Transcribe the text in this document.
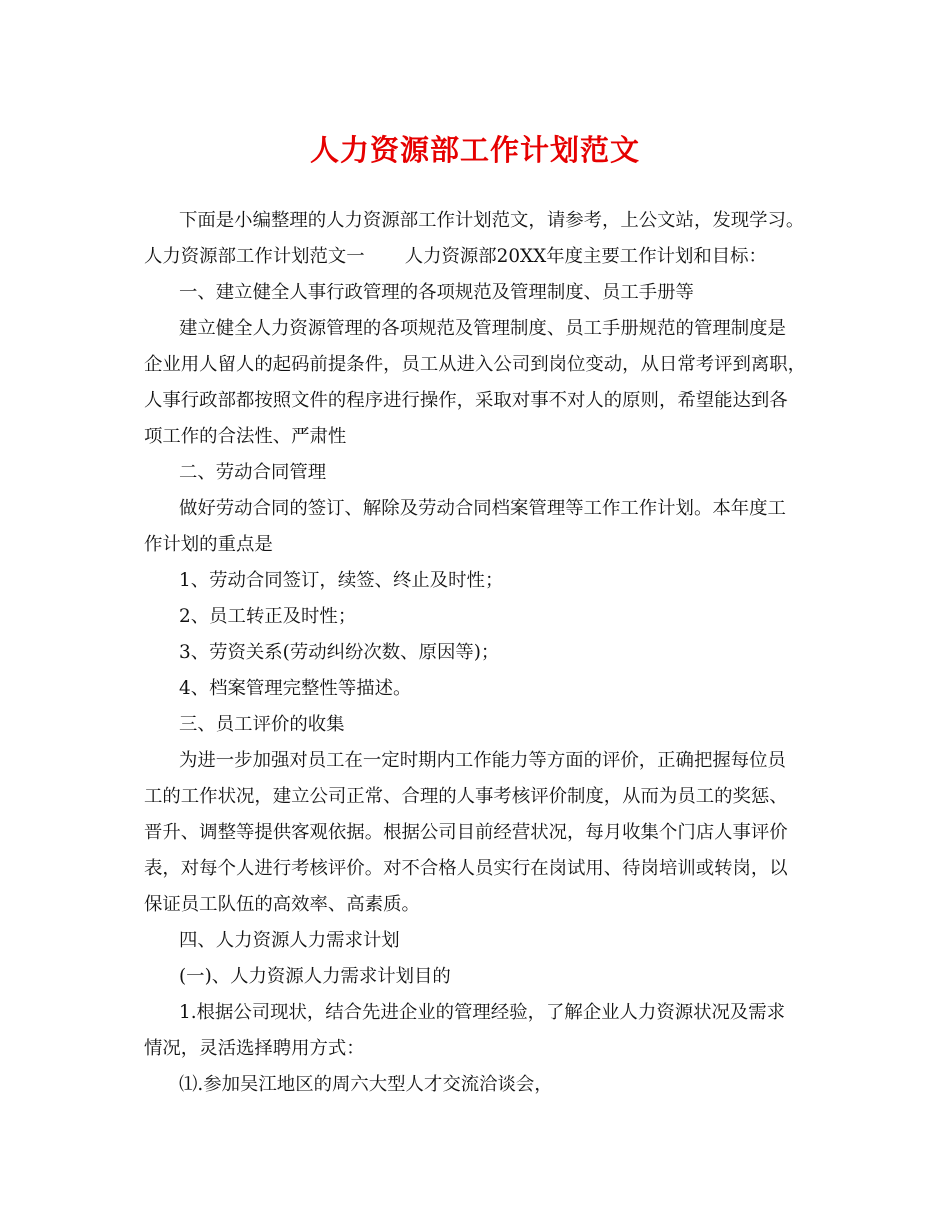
人力资源部工作计划范文
下面是小编整理的人力资源部工作计划范文，请参考，上公文站，发现学习。
人力资源部工作计划范文一 人力资源部20XX年度主要工作计划和目标：
一、建立健全人事行政管理的各项规范及管理制度、员工手册等
建立健全人力资源管理的各项规范及管理制度、员工手册规范的管理制度是
企业用人留人的起码前提条件，员工从进入公司到岗位变动，从日常考评到离职，
人事行政部都按照文件的程序进行操作，采取对事不对人的原则，希望能达到各
项工作的合法性、严肃性
二、劳动合同管理
做好劳动合同的签订、解除及劳动合同档案管理等工作工作计划。本年度工
作计划的重点是
1、劳动合同签订，续签、终止及时性；
2、员工转正及时性；
3、劳资关系(劳动纠纷次数、原因等)；
4、档案管理完整性等描述。
三、员工评价的收集
为进一步加强对员工在一定时期内工作能力等方面的评价，正确把握每位员
工的工作状况，建立公司正常、合理的人事考核评价制度，从而为员工的奖惩、
晋升、调整等提供客观依据。根据公司目前经营状况，每月收集个门店人事评价
表，对每个人进行考核评价。对不合格人员实行在岗试用、待岗培训或转岗，以
保证员工队伍的高效率、高素质。
四、人力资源人力需求计划
(一)、人力资源人力需求计划目的
1.根据公司现状，结合先进企业的管理经验，了解企业人力资源状况及需求
情况，灵活选择聘用方式：
⑴.参加吴江地区的周六大型人才交流洽谈会，
